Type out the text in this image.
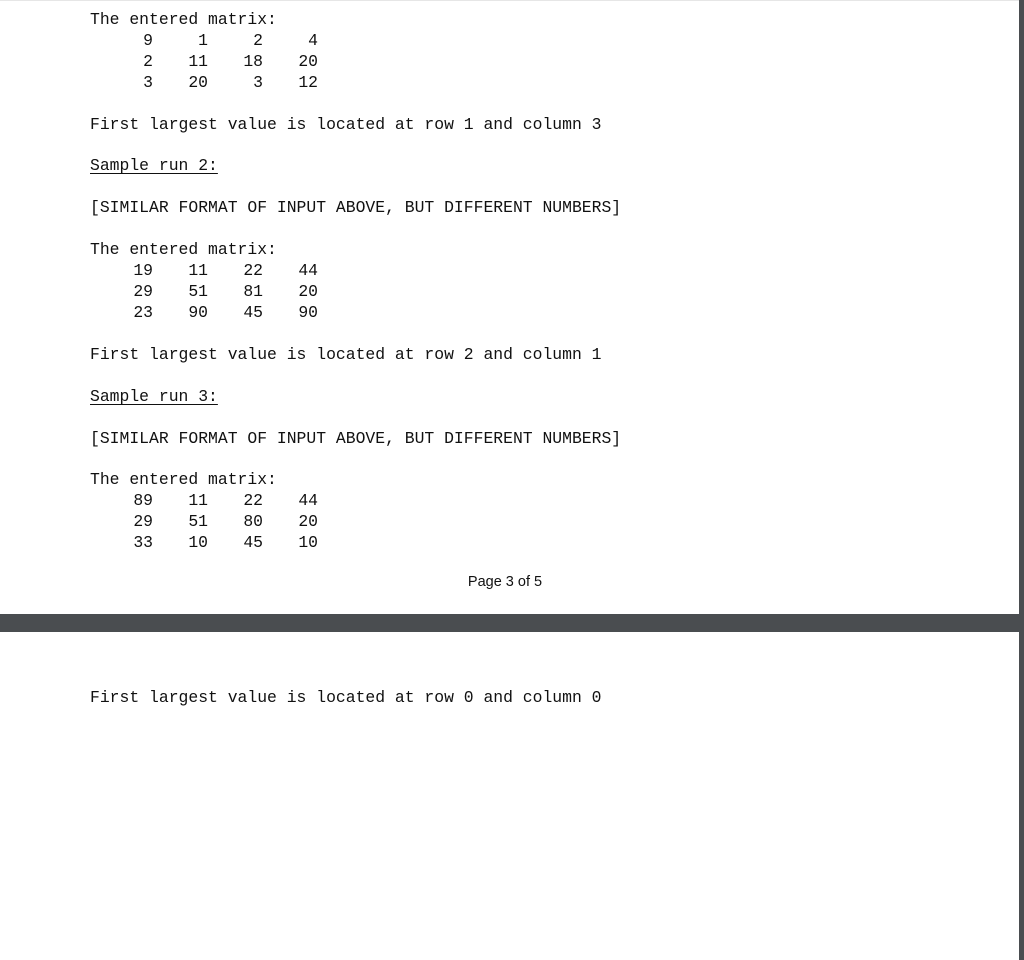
The entered matrix:
9	1	2	4
2	11	18	20
3	20	3	12
First largest value is located at row 1 and column 3
Sample run 2:
[SIMILAR FORMAT OF INPUT ABOVE, BUT DIFFERENT NUMBERS]
The entered matrix:
19	11	22	44
29	51	81	20
23	90	45	90
First largest value is located at row 2 and column 1
Sample run 3:
[SIMILAR FORMAT OF INPUT ABOVE, BUT DIFFERENT NUMBERS]
The entered matrix:
89	11	22	44
29	51	80	20
33	10	45	10
Page 3 of 5
First largest value is located at row 0 and column 0
